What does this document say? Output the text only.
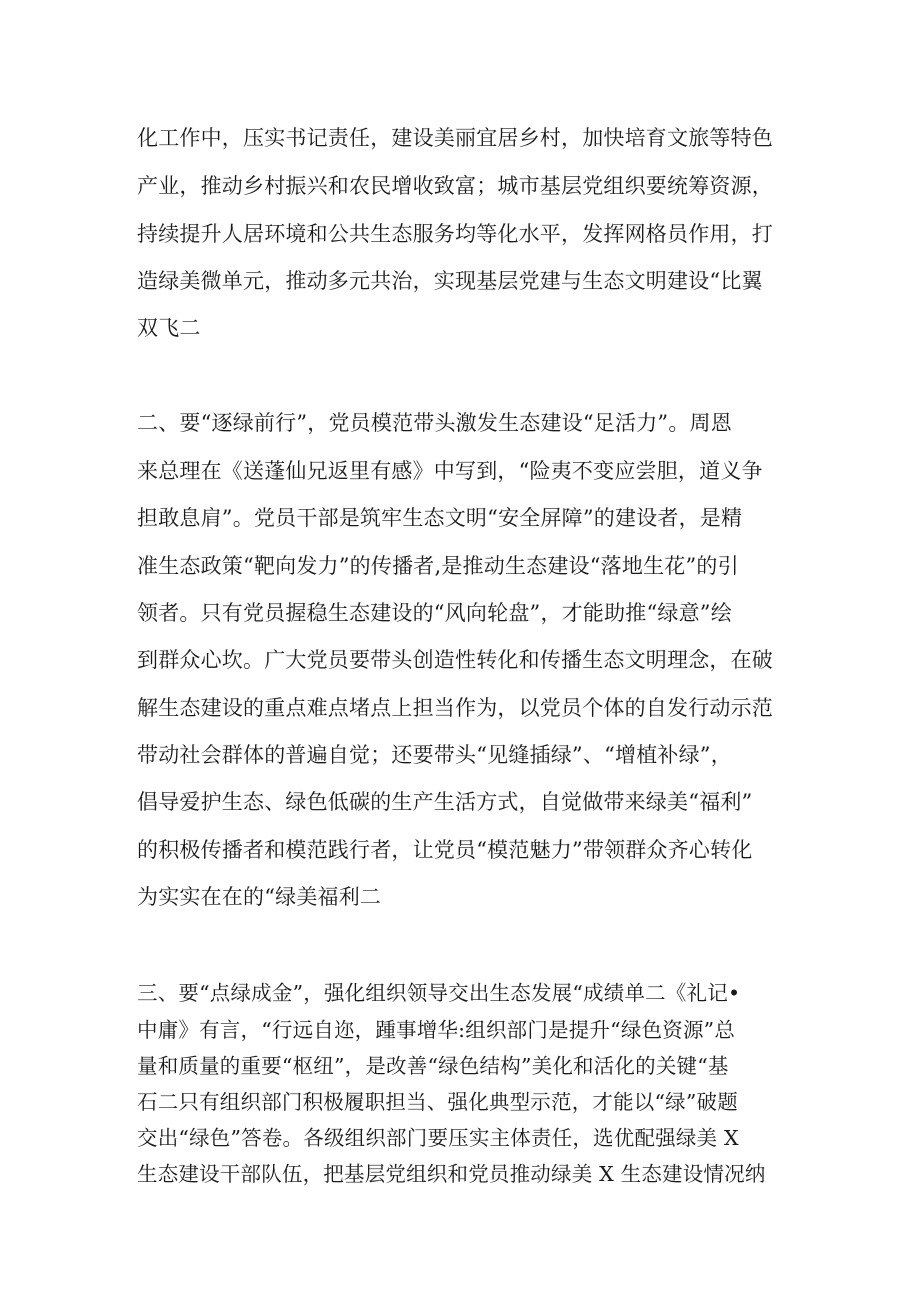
化工作中，压实书记责任，建设美丽宜居乡村，加快培育文旅等特色
产业，推动乡村振兴和农民增收致富；城市基层党组织要统筹资源，
持续提升人居环境和公共生态服务均等化水平，发挥网格员作用，打
造绿美微单元，推动多元共治，实现基层党建与生态文明建设“比翼
双飞二
二、要“逐绿前行”，党员模范带头激发生态建设“足活力”。周恩
来总理在《送蓬仙兄返里有感》中写到，“险夷不变应尝胆，道义争
担敢息肩”。党员干部是筑牢生态文明“安全屏障”的建设者，是精
准生态政策“靶向发力”的传播者,是推动生态建设“落地生花”的引
领者。只有党员握稳生态建设的“风向轮盘”，才能助推“绿意”绘
到群众心坎。广大党员要带头创造性转化和传播生态文明理念，在破
解生态建设的重点难点堵点上担当作为，以党员个体的自发行动示范
带动社会群体的普遍自觉；还要带头“见缝插绿”、“增植补绿”，
倡导爱护生态、绿色低碳的生产生活方式，自觉做带来绿美“福利”
的积极传播者和模范践行者，让党员“模范魅力”带领群众齐心转化
为实实在在的“绿美福利二
三、要“点绿成金”，强化组织领导交出生态发展“成绩单二《礼记•
中庸》有言，“行远自迩，踵事增华:组织部门是提升“绿色资源”总
量和质量的重要“枢纽”，是改善“绿色结构”美化和活化的关键“基
石二只有组织部门积极履职担当、强化典型示范，才能以“绿”破题
交出“绿色”答卷。各级组织部门要压实主体责任，选优配强绿美 X
生态建设干部队伍，把基层党组织和党员推动绿美 X 生态建设情况纳
